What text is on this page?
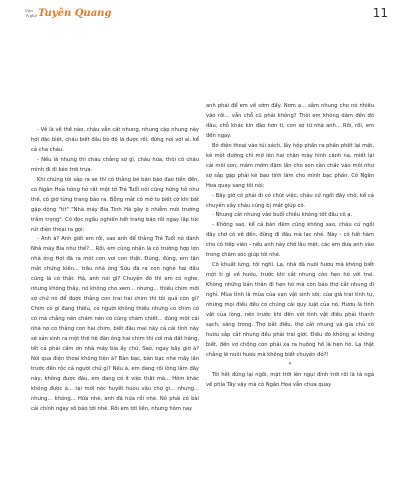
Văn
Nghệ Tuyên Quang	11

- Về là về thế nào, cháu vẫn cắt nhung, nhung cặp nhung này hơi đặc biệt, cháu biết đầu bò độ là được rồi, đừng nói với ai, kể cả cha cháu.

- Nếu là nhung thì cháu chẳng sợ gì, cháu hứa, thôi cô cháu mình đi đi kẻo trời trưa.

Khi chúng tôi sắp ra xe thì có thằng bé bán báo đạo tiến đến, có Ngân Hoa hỏng hỏ rất một tờ Trẻ Tuổi nói cũng hứng hở như thế, cô giờ từng trang báo ra. Bỗng mắt cô mở to biết cờ khi bất gặp dòng "tít" "Nhà máy Bia Tinh Hà gây ô nhiễm môi trường trầm trọng". Cô đọc ngấu nghiến hết trang báo rồi ngay lập tức rút điện thoại ra gọi:

- Anh à? Anh giết em rồi, sao anh để thằng Trẻ Tuổi nó đánh Nhà máy Bia như thế?... Rồi, em cũng nhận là có trường hợp lợn nhà ông Hợi đã ra một con voi con thật. Đúng, đúng, em tận mắt chứng kiến... trâu nhà ông Sửu đã ra con nghé hai đầu cũng là có thật. Hả, anh nói gì? Chuyện đó thì em có nghe, nhưng không thấy, nó không cho xem... nhưng... thiếu chim mới sợ chứ nó để được thẳng con trai hai chim thì tôi quá còn gì? Chim có gì đang thiếu, có người không thiếu nhưng có chim có có mà chẳng nên chăm nên có cũng chăm chiết... đúng một cái nhà nó có thằng con hai chim, biết đâu mai này cả cái tỉnh này sẽ sản sinh ra một thế hệ đàn ông hai chim thì cơi mà đất hàng, tết cả phải cầm ơn nhà máy bia ấy chứ. Sao, ngay bây giờ à? Nói qua điện thoại không tiện à? Bàn bạc, bàn bạc nhé mấy lần trước đến rộc cả người chứ gì? Nếu à, em đang rối lòng lắm đây này, không được đâu, em đang có ít việc thật mà... Hôm khác không được à... tại mới nóc huyết huou vâu chợ gì... nhưng... nhưng... không... Hứa nhé, anh đã hứa rồi nhé. Nó phải có bài cải chính ngay số báo tới nhé. Rồi em tới liền, nhưng hôm nay

anh phải để em về sớm đấy. Nơm ạ... sâm nhung cho nó nhiều vào rồi... vẫn chỗ cũ phải không? Thôi em không dám đến đó đâu, chỗ khác kín đáo hơn ti, con sợ từ nhà anh... Rồi, rồi, em đến ngay.

Bỏ điện thoại vào túi xách, lấy hộp phấn ra phấn phết lại mặt, kẻ một đường chì mờ lên hai chân mày hình cánh nạ, miết lại cái môi son, mắm mớm đậm lấn cho son cằn chấc vào môi như sợ sắp gặp phải kẻ bạo tính làm cho mình bạc phấn. Cô Ngân Hoa quay sang tôi nói:

- Bây giờ cô phải đi có chút việc, cháu cứ ngồi đây chờ, kể cả chuyến xây cháu cũng bị mắt giúp cô.

- Nhung cắt nhung vào buổi chiều không tốt đâu cô ạ.

- Không sao, kể cả bán đêm cũng không sao, cháu cứ ngồi đây chờ cô về đến, đừng đi đâu mà lạc nhé. Này - cô hất hàm cho cô tiếp viên - nếu anh này chờ lâu mệt, các em đưa anh vào trong chăm sóc giúp tôi nhé.

Cô khuất lưng, tôi nghĩ. Lạ, nhà đã nuôi hươu mà không biết một tí gì về hươu, trước khi cắt nhung còn hẹn hò với trai. Không những bán thân đi hẹn hò mà còn bảo thợ cắt nhung đi nghỉ. Mùa tình là mùa của vạn vật sinh sôi, của giả trai tình tự, nhưng mọi điều đều có chúng cái quy luật của nó. Hươu là tình vật của lòng, nên trước khi đến với tình vật điều phải thanh sạch, sáng trong. Thợ bắt điều, thợ cắt nhung và gia chủ có hươu sắp cắt nhung đều phải trai giới. Điều đó không ai không biết, đến vợ chồng còn phải xa ra huống hồ là hẹn hò. Lạ thật chẳng lẽ nuôi hươu mà không biết chuyện đó?!

*

Tôi hết đứng lại ngồi, mặt trời lên ngụi đỉnh trời rồi là tà ngả về phía Tây vậy mà cô Ngân Hoa vẫn chưa quay
